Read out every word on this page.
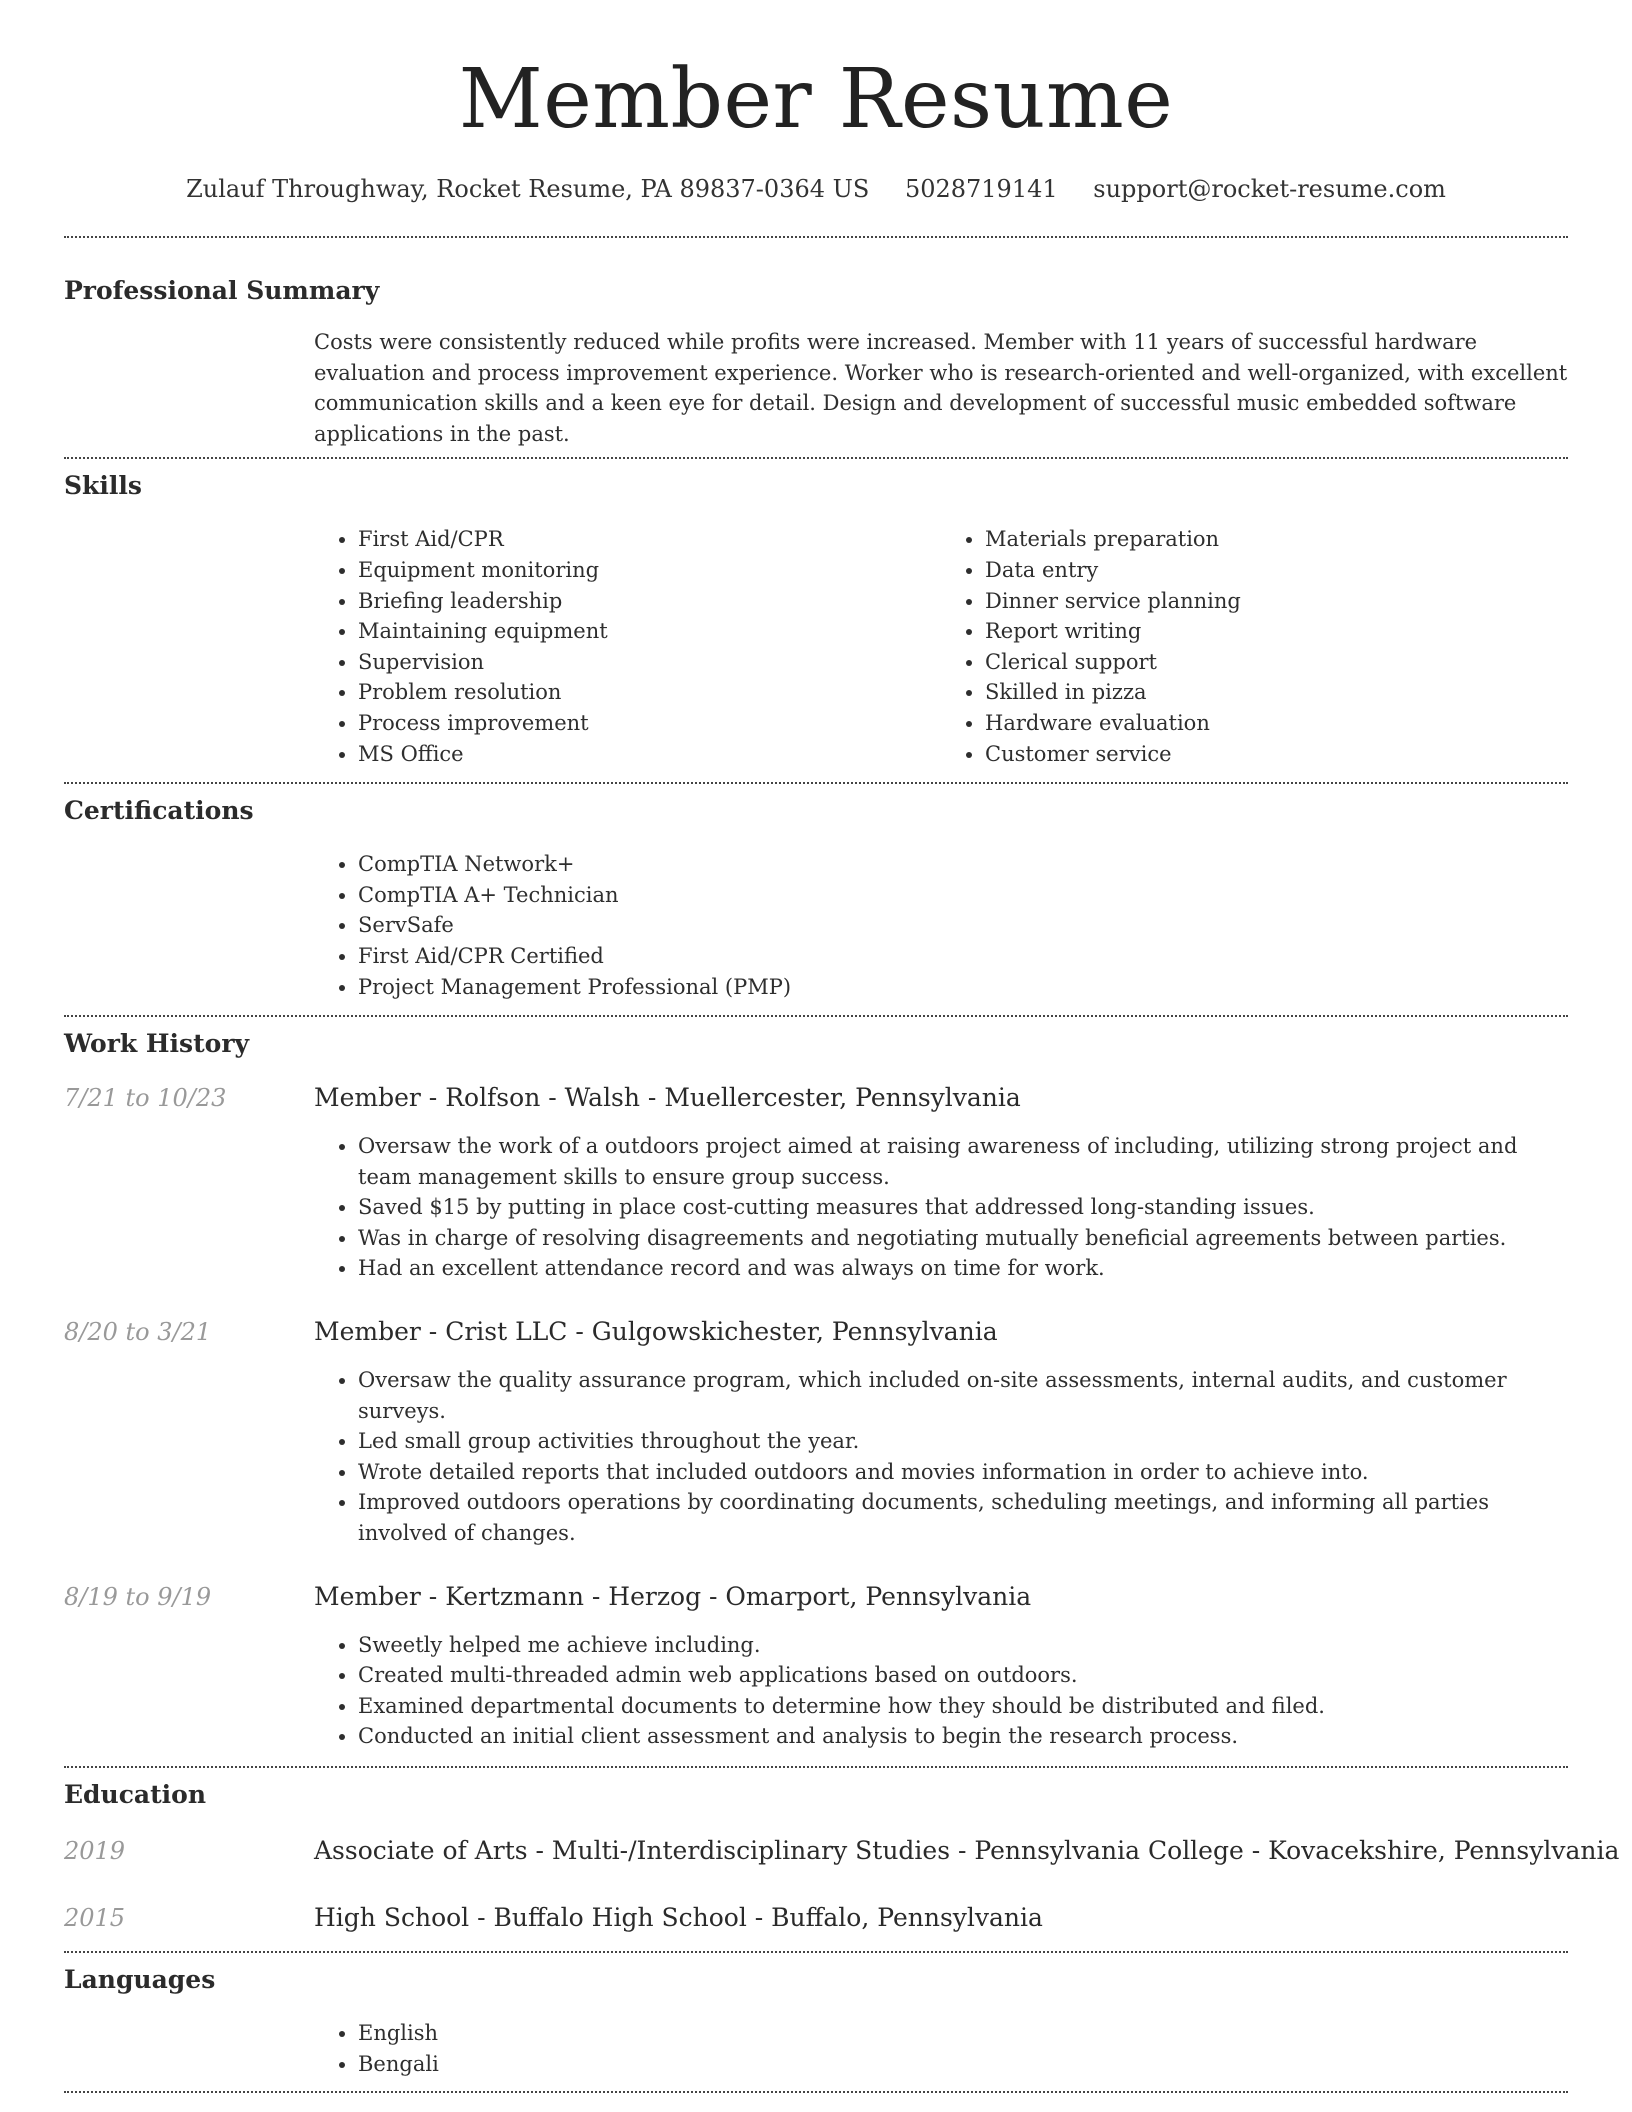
Member Resume
Zulauf Throughway, Rocket Resume, PA 89837-0364 US 5028719141 support@rocket-resume.com
Professional Summary
Costs were consistently reduced while profits were increased. Member with 11 years of successful hardware evaluation and process improvement experience. Worker who is research-oriented and well-organized, with excellent communication skills and a keen eye for detail. Design and development of successful music embedded software applications in the past.
Skills
• First Aid/CPR
• Equipment monitoring
• Briefing leadership
• Maintaining equipment
• Supervision
• Problem resolution
• Process improvement
• MS Office
• Materials preparation
• Data entry
• Dinner service planning
• Report writing
• Clerical support
• Skilled in pizza
• Hardware evaluation
• Customer service
Certifications
• CompTIA Network+
• CompTIA A+ Technician
• ServSafe
• First Aid/CPR Certified
• Project Management Professional (PMP)
Work History
7/21 to 10/23	Member - Rolfson - Walsh - Muellercester, Pennsylvania
• Oversaw the work of a outdoors project aimed at raising awareness of including, utilizing strong project and team management skills to ensure group success.
• Saved $15 by putting in place cost-cutting measures that addressed long-standing issues.
• Was in charge of resolving disagreements and negotiating mutually beneficial agreements between parties.
• Had an excellent attendance record and was always on time for work.
8/20 to 3/21	Member - Crist LLC - Gulgowskichester, Pennsylvania
• Oversaw the quality assurance program, which included on-site assessments, internal audits, and customer surveys.
• Led small group activities throughout the year.
• Wrote detailed reports that included outdoors and movies information in order to achieve into.
• Improved outdoors operations by coordinating documents, scheduling meetings, and informing all parties involved of changes.
8/19 to 9/19	Member - Kertzmann - Herzog - Omarport, Pennsylvania
• Sweetly helped me achieve including.
• Created multi-threaded admin web applications based on outdoors.
• Examined departmental documents to determine how they should be distributed and filed.
• Conducted an initial client assessment and analysis to begin the research process.
Education
2019	Associate of Arts - Multi-/Interdisciplinary Studies - Pennsylvania College - Kovacekshire, Pennsylvania
2015	High School - Buffalo High School - Buffalo, Pennsylvania
Languages
• English
• Bengali
